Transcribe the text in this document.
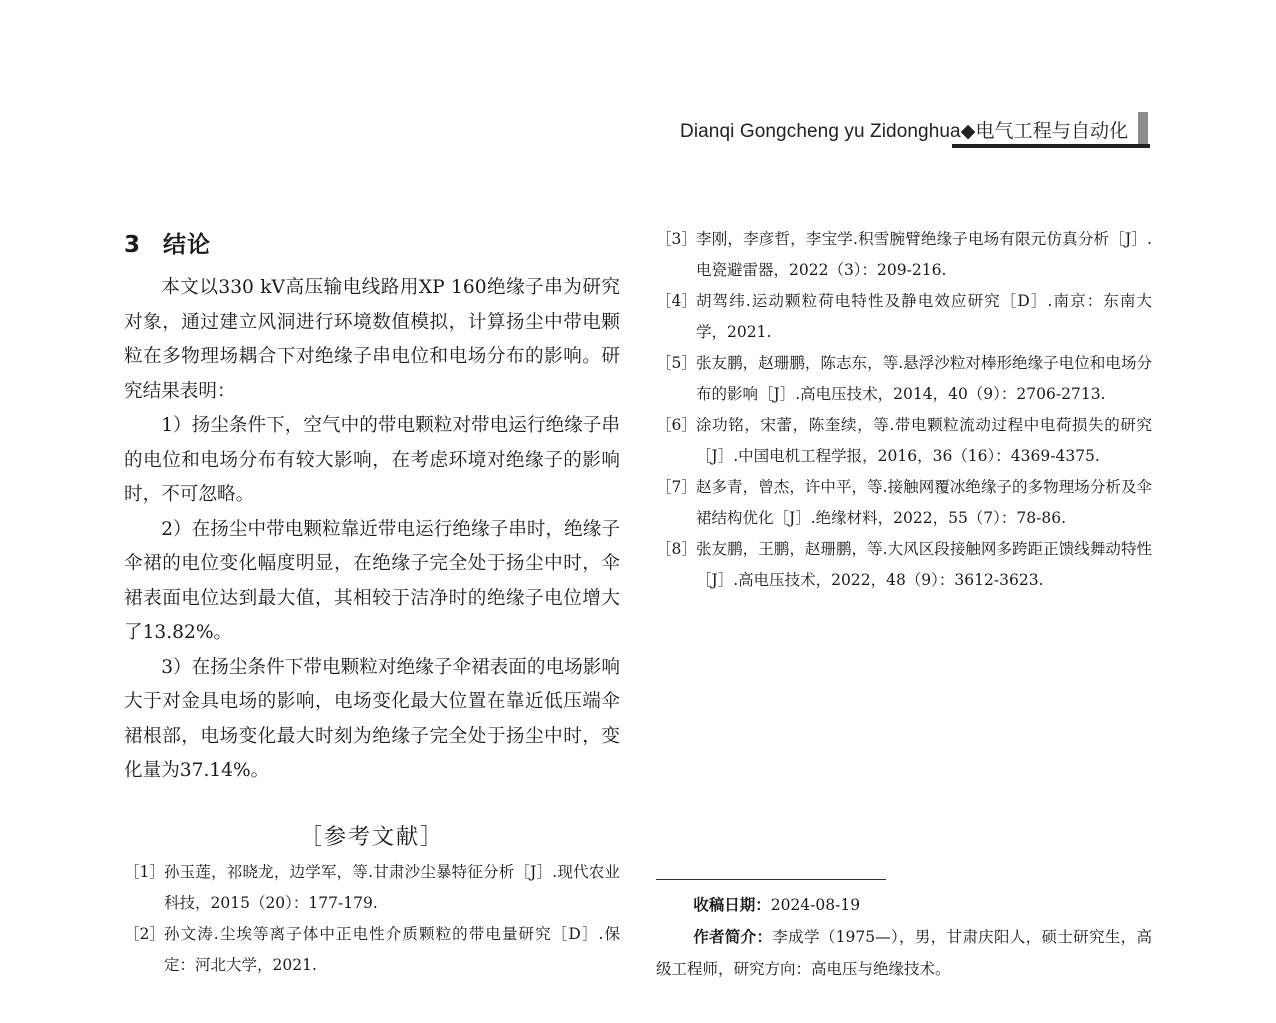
Dianqi Gongcheng yu Zidonghua◆电气工程与自动化
3 结论

本文以330 kV高压输电线路用XP 160绝缘子串为研究对象，通过建立风洞进行环境数值模拟，计算扬尘中带电颗粒在多物理场耦合下对绝缘子串电位和电场分布的影响。研究结果表明：

1）扬尘条件下，空气中的带电颗粒对带电运行绝缘子串的电位和电场分布有较大影响，在考虑环境对绝缘子的影响时，不可忽略。

2）在扬尘中带电颗粒靠近带电运行绝缘子串时，绝缘子伞裙的电位变化幅度明显，在绝缘子完全处于扬尘中时，伞裙表面电位达到最大值，其相较于洁净时的绝缘子电位增大了13.82%。

3）在扬尘条件下带电颗粒对绝缘子伞裙表面的电场影响大于对金具电场的影响，电场变化最大位置在靠近低压端伞裙根部，电场变化最大时刻为绝缘子完全处于扬尘中时，变化量为37.14%。

［参考文献］
［1］ 孙玉莲，祁晓龙，边学军，等.甘肃沙尘暴特征分析［J］.现代农业科技，2015（20）：177-179.
［2］ 孙文涛.尘埃等离子体中正电性介质颗粒的带电量研究［D］.保定：河北大学，2021.
［3］ 李刚，李彦哲，李宝学.积雪腕臂绝缘子电场有限元仿真分析［J］.电瓷避雷器，2022（3）：209-216.
［4］ 胡驾纬.运动颗粒荷电特性及静电效应研究［D］.南京：东南大学，2021.
［5］ 张友鹏，赵珊鹏，陈志东，等.悬浮沙粒对棒形绝缘子电位和电场分布的影响［J］.高电压技术，2014，40（9）：2706-2713.
［6］ 涂功铭，宋蕾，陈奎续，等.带电颗粒流动过程中电荷损失的研究［J］.中国电机工程学报，2016，36（16）：4369-4375.
［7］ 赵多青，曾杰，许中平，等.接触网覆冰绝缘子的多物理场分析及伞裙结构优化［J］.绝缘材料，2022，55（7）：78-86.
［8］ 张友鹏，王鹏，赵珊鹏，等.大风区段接触网多跨距正馈线舞动特性［J］.高电压技术，2022，48（9）：3612-3623.

收稿日期：2024-08-19

作者简介：李成学（1975—），男，甘肃庆阳人，硕士研究生，高级工程师，研究方向：高电压与绝缘技术。
